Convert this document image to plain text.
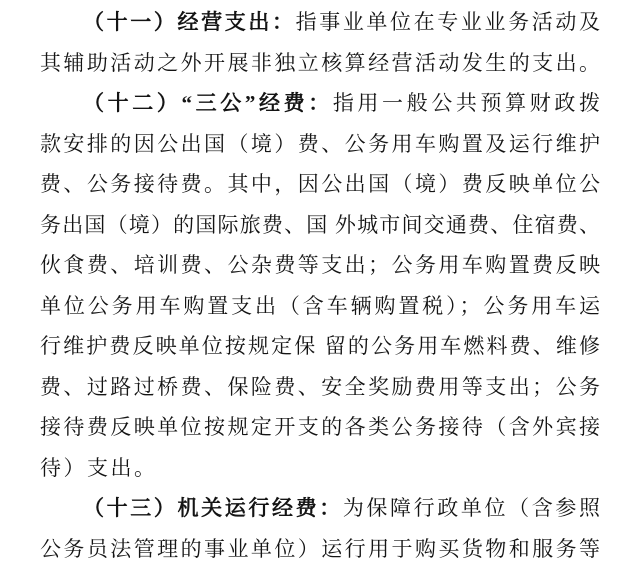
（十一）经营支出：指事业单位在专业业务活动及
其辅助活动之外开展非独立核算经营活动发生的支出。
（十二）“三公”经费：指用一般公共预算财政拨
款安排的因公出国（境）费、公务用车购置及运行维护
费、公务接待费。其中，因公出国（境）费反映单位公
务出国（境）的国际旅费、国 外城市间交通费、住宿费、
伙食费、培训费、公杂费等支出；公务用车购置费反映
单位公务用车购置支出（含车辆购置税）；公务用车运
行维护费反映单位按规定保 留的公务用车燃料费、维修
费、过路过桥费、保险费、安全奖励费用等支出；公务
接待费反映单位按规定开支的各类公务接待（含外宾接
待）支出。
（十三）机关运行经费：为保障行政单位（含参照
公务员法管理的事业单位）运行用于购买货物和服务等
